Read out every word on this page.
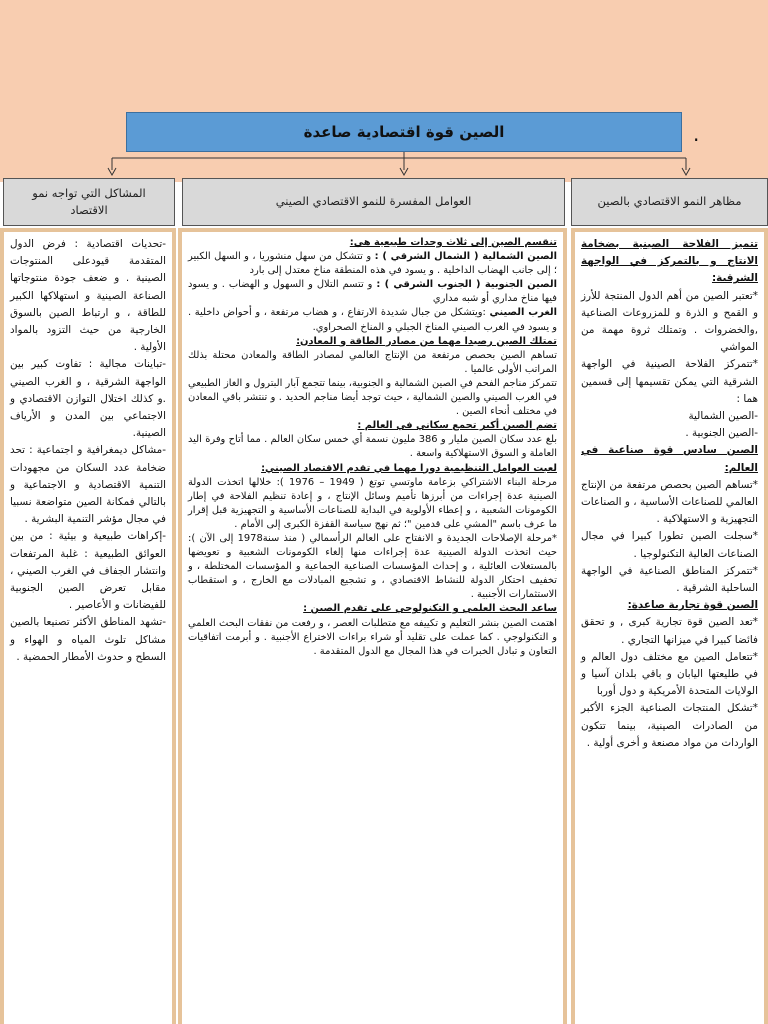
الصين قوة اقتصادية صاعدة	.
مظاهر النمو الاقتصادي بالصين
العوامل المفسرة للنمو الاقتصادي الصيني
المشاكل التي تواجه نمو الاقتصاد

تتميز الفلاحة الصينية بضخامة الانتاج و بالتمركز في الواجهة الشرقية:

*تعتبر الصين من أهم الدول المنتجة للأرز و القمح و الذرة و للمزروعات الصناعية ,والخضروات . وتمتلك ثروة مهمة من المواشي

*تتمركز الفلاحة الصينية في الواجهة الشرقية التي يمكن تقسيمها إلى قسمين هما :

-الصين الشمالية

-الصين الجنوبية .

الصين سادس قوة صناعية في العالم:

*تساهم الصين بحصص مرتفعة من الإنتاج العالمي للصناعات الأساسية ، و الصناعات التجهيزية و الاستهلاكية .

*سجلت الصين تطورا كبيرا في مجال الصناعات العالية التكنولوجيا .

*تتمركز المناطق الصناعية في الواجهة الساحلية الشرقية .

الصين قوة تجارية صاعدة:

*تعد الصين قوة تجارية كبرى , و تحقق فائضا كبيرا في ميزانها التجاري .

*تتعامل الصين مع مختلف دول العالم و في طليعتها اليابان و باقي بلدان آسيا و الولايات المتحدة الأمريكية و دول أوربا

*تشكل المنتجات الصناعية الجزء الأكبر من الصادرات الصينية، بينما تتكون الواردات من مواد مصنعة و أخرى أولية .

تنقسم الصين إلى ثلاث وحدات طبيعية هي:

الصين الشمالية ( الشمال الشرقي ) : و تتشكل من سهل منشوريا ، و السهل الكبير ؛ إلى جانب الهضاب الداخلية . و يسود في هذه المنطقة مناخ معتدل إلى بارد

الصين الجنوبية ( الجنوب الشرقي ) : و تتسم التلال و السهول و الهضاب . و يسود فيها مناخ مداري أو شبه مداري

الغرب الصيني :ويتشكل من جبال شديدة الارتفاع ، و هضاب مرتفعة ، و أحواض داخلية . و يسود في الغرب الصيني المناخ الجبلي و المناخ الصحراوي.

تمتلك الصين رصيدا مهما من مصادر الطاقة و المعادن:

تساهم الصين بحصص مرتفعة من الإنتاج العالمي لمصادر الطاقة والمعادن محتلة بذلك المراتب الأولى عالميا .

تتمركز مناجم الفحم في الصين الشمالية و الجنوبية، بينما تتجمع آبار البترول و الغاز الطبيعي في الغرب الصيني والصين الشمالية ، حيث توجد أيضا مناجم الحديد . و تنتشر باقي المعادن في مختلف أنحاء الصين .

تضم الصين أكبر تجمع سكاني في العالم :

بلغ عدد سكان الصين مليار و 386 مليون نسمة أي خمس سكان العالم . مما أتاح وفرة اليد العاملة و السوق الاستهلاكية واسعة .

لعبت العوامل التنظيمية دورا مهما في تقدم الاقتصاد الصيني:

مرحلة البناء الاشتراكي بزعامة ماوتسي توتغ ( 1949 – 1976 ): خلالها اتخذت الدولة الصينية عدة إجراءات من أبرزها تأميم وسائل الإنتاج ، و إعادة تنظيم الفلاحة في إطار الكومونات الشعبية ، و إعطاء الأولوية في البداية للصناعات الأساسية و التجهيزية قبل إقرار ما عرف باسم "المشي على قدمين "؛ ثم نهج سياسة القفزة الكبرى إلى الأمام .

*مرحلة الإصلاحات الجديدة و الانفتاح على العالم الرأسمالي ( منذ سنة1978 إلى الآن ): حيث اتخذت الدولة الصينية عدة إجراءات منها إلغاء الكومونات الشعبية و تعويضها بالمستغلات العائلية ، و إحداث المؤسسات الصناعية الجماعية و المؤسسات المختلطة ، و تخفيف احتكار الدولة للنشاط الاقتصادي ، و تشجيع المبادلات مع الخارج ، و استقطاب الاستثمارات الأجنبية .

ساعد البحث العلمي و التكنولوجي على تقدم الصين :

اهتمت الصين بنشر التعليم و تكييفه مع متطلبات العصر ، و رفعت من نفقات البحث العلمي و التكنولوجي . كما عملت على تقليد أو شراء براءات الاختراع الأجنبية . و أبرمت اتفاقيات التعاون و تبادل الخبرات في هذا المجال مع الدول المتقدمة .

-تحديات اقتصادية : فرض الدول المتقدمة قيودعلى المنتوجات الصينية . و ضعف جودة منتوجاتها الصناعة الصينية و استهلاكها الكبير للطاقة ، و ارتباط الصين بالسوق الخارجية من حيث التزود بالمواد الأولية .

-تباينات مجالية : تفاوت كبير بين الواجهة الشرقية ، و الغرب الصيني .و كذلك اختلال التوازن الاقتصادي و الاجتماعي بين المدن و الأرياف الصينية.

-مشاكل ديمغرافية و اجتماعية : تحد ضخامة عدد السكان من مجهودات التنمية الاقتصادية و الاجتماعية و بالتالي فمكانة الصين متواضعة نسبيا في مجال مؤشر التنمية البشرية .

-إكراهات طبيعية و بيئية : من بين العوائق الطبيعية : غلبة المرتفعات وانتشار الجفاف في الغرب الصيني ، مقابل تعرض الصين الجنوبية للفيضانات و الأعاصير .

-تشهد المناطق الأكثر تصنيعا بالصين مشاكل تلوث المياه و الهواء و السطح و حدوث الأمطار الحمضية .
